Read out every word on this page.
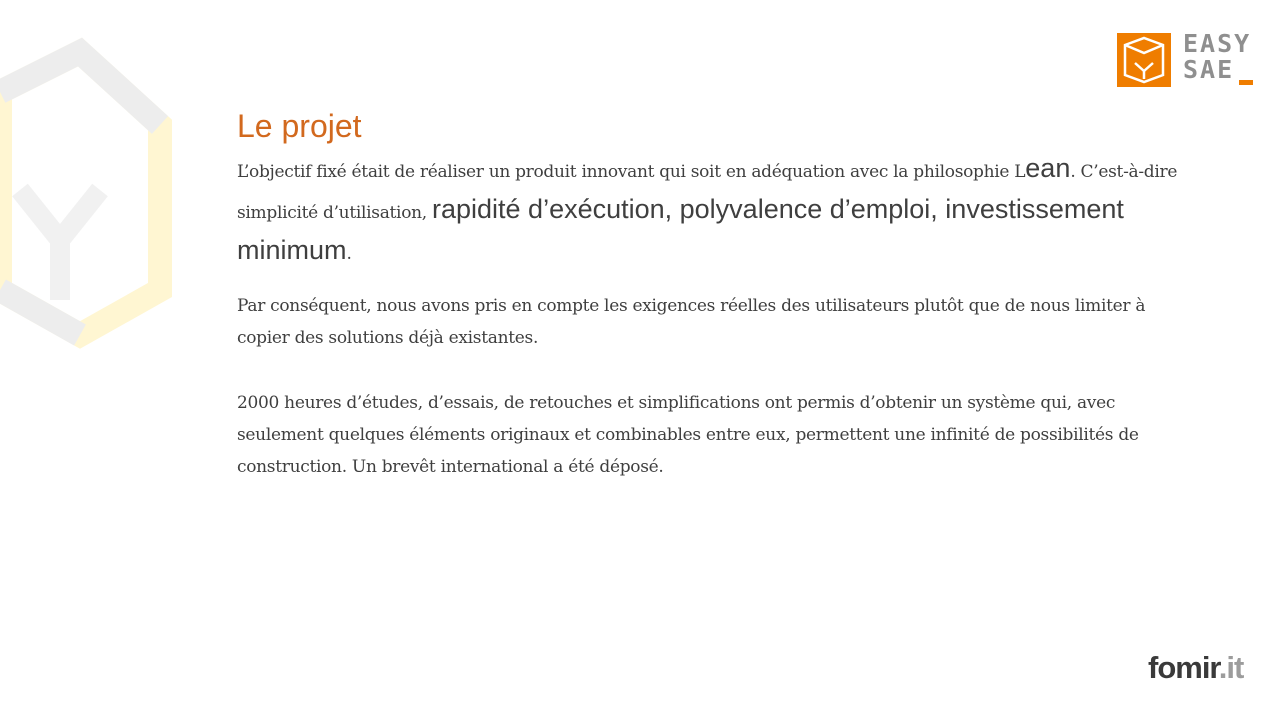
EASY
SAE
Le projet

L’objectif fixé était de réaliser un produit innovant qui soit en adéquation avec la philosophie Lean. C’est-à-dire simplicité d’utilisation, rapidité d’exécution, polyvalence d’emploi, investissement minimum.

Par conséquent, nous avons pris en compte les exigences réelles des utilisateurs plutôt que de nous limiter à copier des solutions déjà existantes.

2000 heures d’études, d’essais, de retouches et simplifications ont permis d’obtenir un système qui, avec seulement quelques éléments originaux et combinables entre eux, permettent une infinité de possibilités de construction. Un brevêt international a été déposé.

fomir.it
